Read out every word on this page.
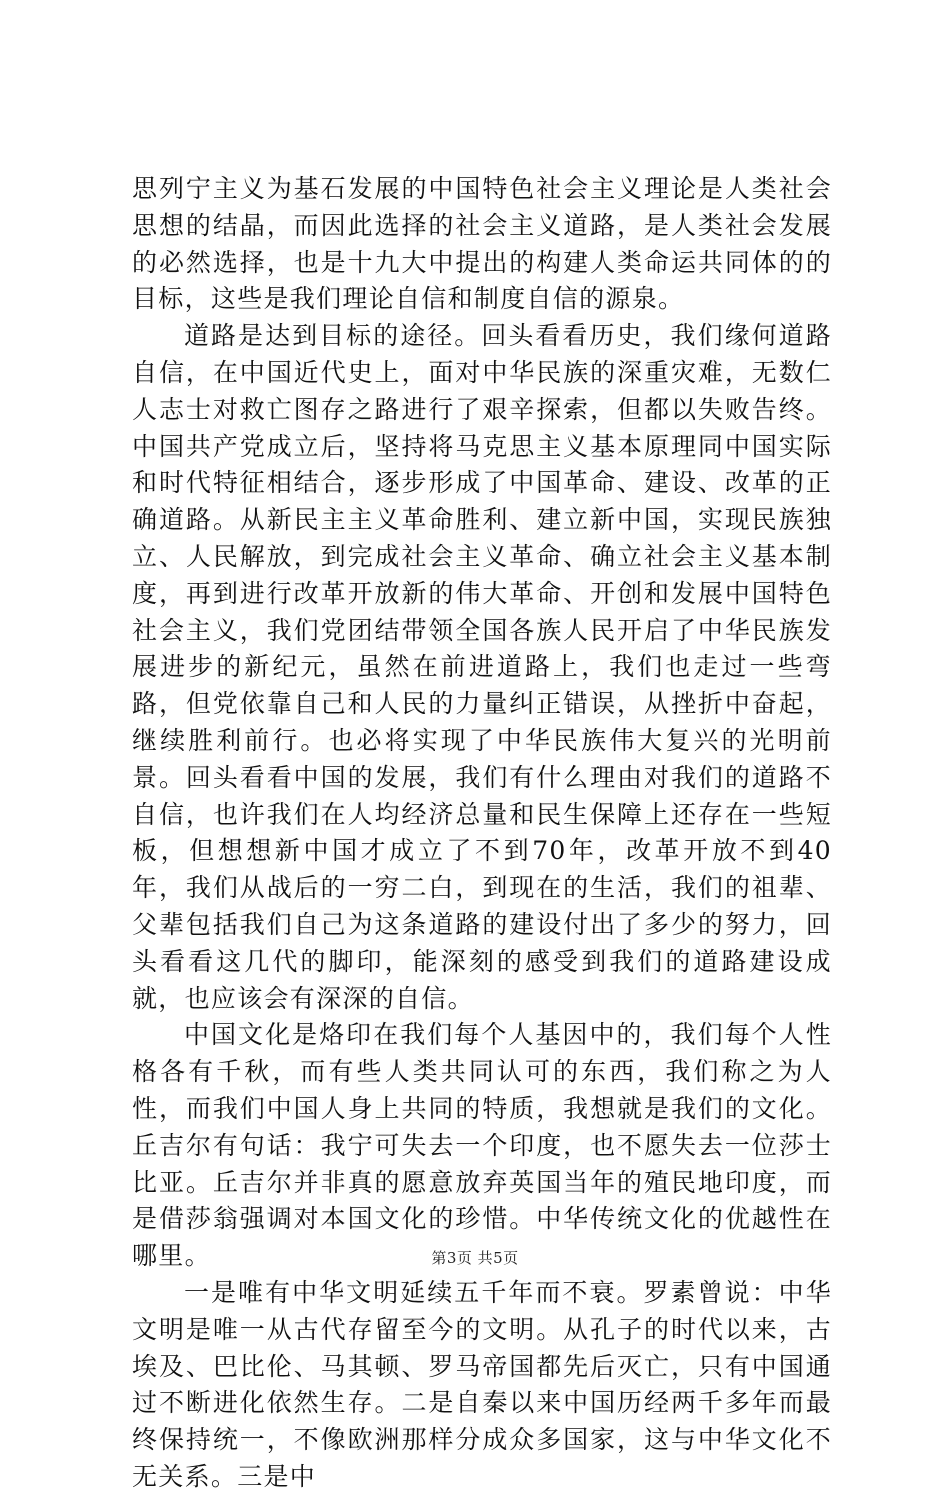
思列宁主义为基石发展的中国特色社会主义理论是人类社会思想的结晶，而因此选择的社会主义道路，是人类社会发展的必然选择，也是十九大中提出的构建人类命运共同体的的目标，这些是我们理论自信和制度自信的源泉。

道路是达到目标的途径。回头看看历史，我们缘何道路自信，在中国近代史上，面对中华民族的深重灾难，无数仁人志士对救亡图存之路进行了艰辛探索，但都以失败告终。中国共产党成立后，坚持将马克思主义基本原理同中国实际和时代特征相结合，逐步形成了中国革命、建设、改革的正确道路。从新民主主义革命胜利、建立新中国，实现民族独立、人民解放，到完成社会主义革命、确立社会主义基本制度，再到进行改革开放新的伟大革命、开创和发展中国特色社会主义，我们党团结带领全国各族人民开启了中华民族发展进步的新纪元，虽然在前进道路上，我们也走过一些弯路，但党依靠自己和人民的力量纠正错误，从挫折中奋起，继续胜利前行。也必将实现了中华民族伟大复兴的光明前景。回头看看中国的发展，我们有什么理由对我们的道路不自信，也许我们在人均经济总量和民生保障上还存在一些短板，但想想新中国才成立了不到70年，改革开放不到40年，我们从战后的一穷二白，到现在的生活，我们的祖辈、父辈包括我们自己为这条道路的建设付出了多少的努力，回头看看这几代的脚印，能深刻的感受到我们的道路建设成就，也应该会有深深的自信。

中国文化是烙印在我们每个人基因中的，我们每个人性格各有千秋，而有些人类共同认可的东西，我们称之为人性，而我们中国人身上共同的特质，我想就是我们的文化。丘吉尔有句话：我宁可失去一个印度，也不愿失去一位莎士比亚。丘吉尔并非真的愿意放弃英国当年的殖民地印度，而是借莎翁强调对本国文化的珍惜。中华传统文化的优越性在哪里。

一是唯有中华文明延续五千年而不衰。罗素曾说：中华文明是唯一从古代存留至今的文明。从孔子的时代以来，古埃及、巴比伦、马其顿、罗马帝国都先后灭亡，只有中国通过不断进化依然生存。二是自秦以来中国历经两千多年而最终保持统一，不像欧洲那样分成众多国家，这与中华文化不无关系。三是中

第3页 共5页
